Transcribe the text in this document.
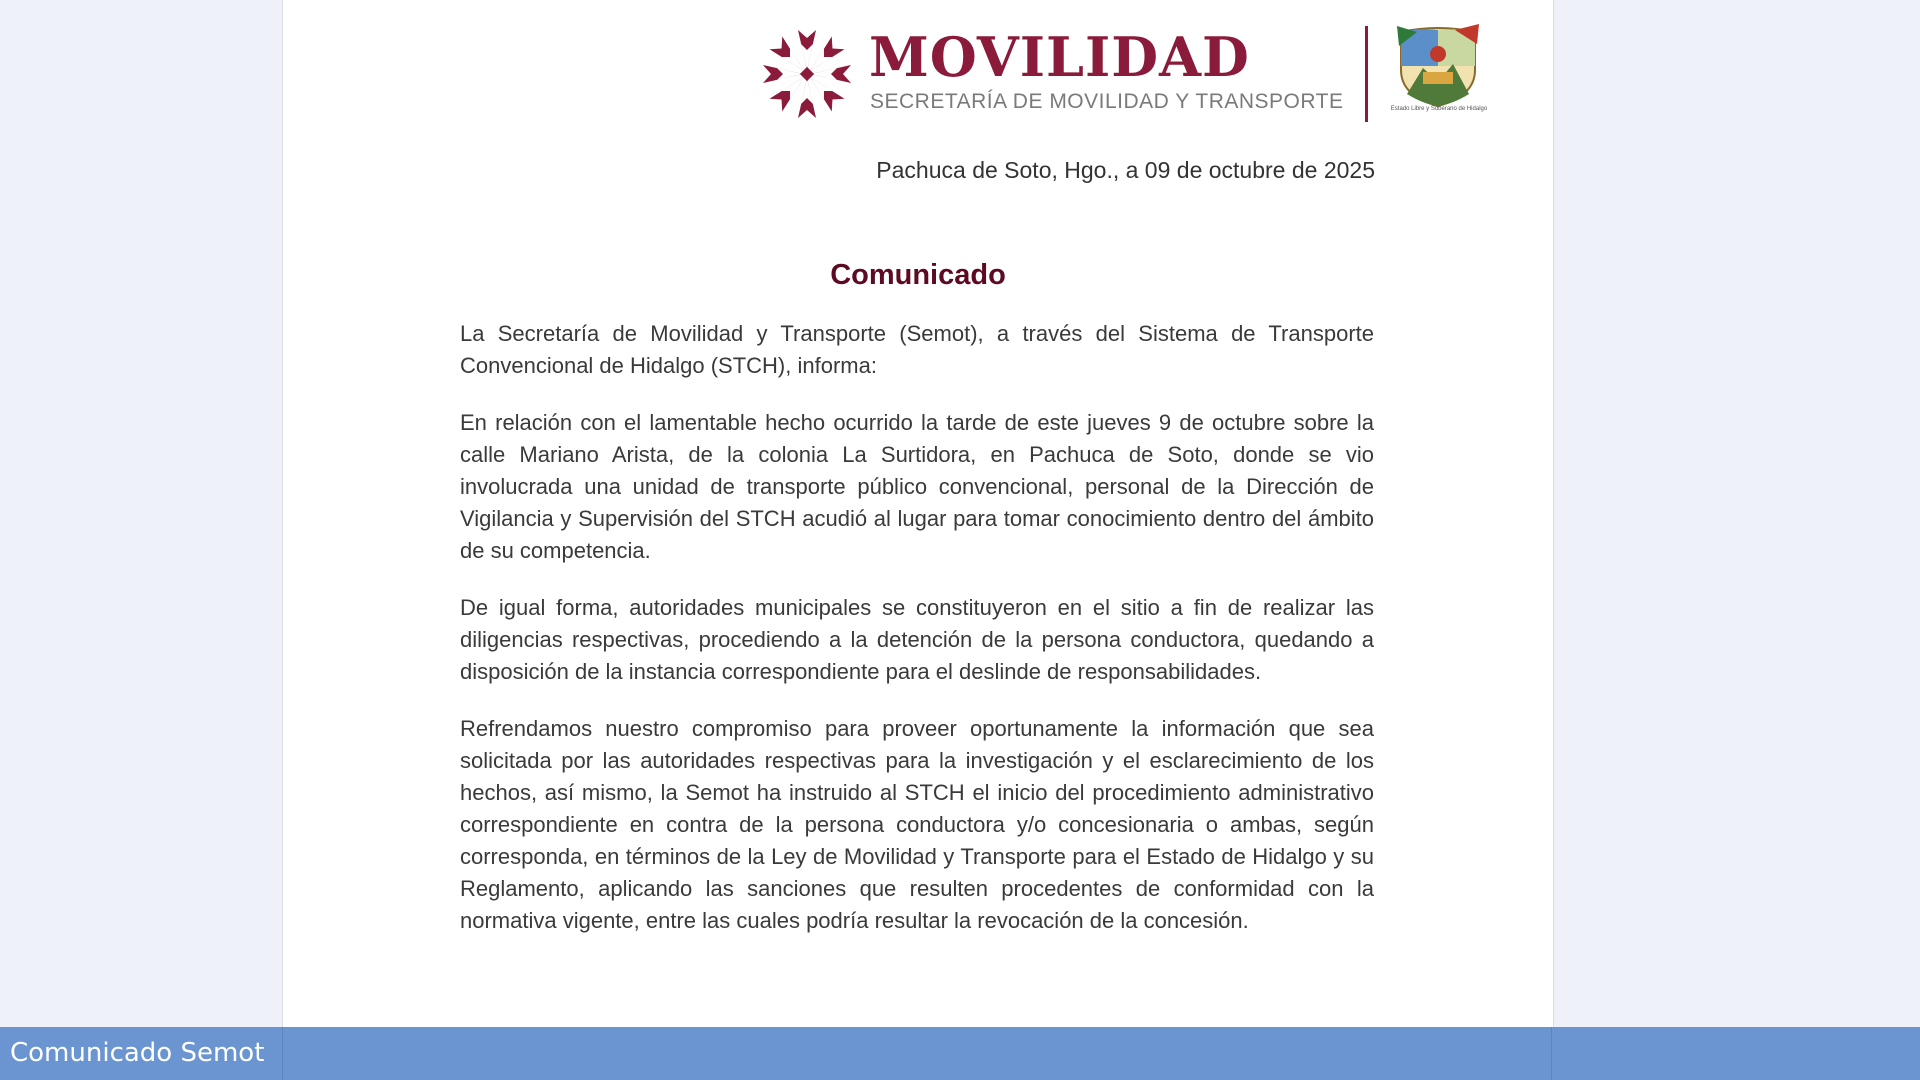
MOVILIDAD
SECRETARÍA DE MOVILIDAD Y TRANSPORTE	Estado Libre y Soberano de Hidalgo
Pachuca de Soto, Hgo., a 09 de octubre de 2025
Comunicado

La Secretaría de Movilidad y Transporte (Semot), a través del Sistema de Transporte Convencional de Hidalgo (STCH), informa:

En relación con el lamentable hecho ocurrido la tarde de este jueves 9 de octubre sobre la calle Mariano Arista, de la colonia La Surtidora, en Pachuca de Soto, donde se vio involucrada una unidad de transporte público convencional, personal de la Dirección de Vigilancia y Supervisión del STCH acudió al lugar para tomar conocimiento dentro del ámbito de su competencia.

De igual forma, autoridades municipales se constituyeron en el sitio a fin de realizar las diligencias respectivas, procediendo a la detención de la persona conductora, quedando a disposición de la instancia correspondiente para el deslinde de responsabilidades.

Refrendamos nuestro compromiso para proveer oportunamente la información que sea solicitada por las autoridades respectivas para la investigación y el esclarecimiento de los hechos, así mismo, la Semot ha instruido al STCH el inicio del procedimiento administrativo correspondiente en contra de la persona conductora y/o concesionaria o ambas, según corresponda, en términos de la Ley de Movilidad y Transporte para el Estado de Hidalgo y su Reglamento, aplicando las sanciones que resulten procedentes de conformidad con la normativa vigente, entre las cuales podría resultar la revocación de la concesión.

Comunicado Semot
